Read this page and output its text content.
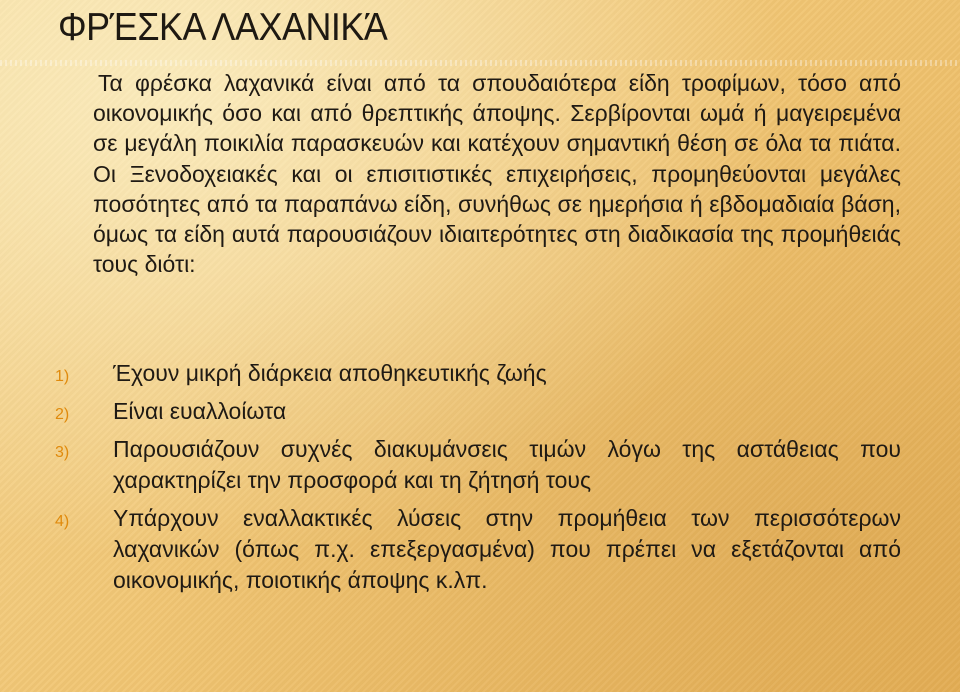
ΦΡΈΣΚΑ ΛΑΧΑΝΙΚΆ

Τα φρέσκα λαχανικά είναι από τα σπουδαιότερα είδη τροφίμων, τόσο από οικονομικής όσο και από θρεπτικής άποψης. Σερβίρονται ωμά ή μαγειρεμένα σε μεγάλη ποικιλία παρασκευών και κατέχουν σημαντική θέση σε όλα τα πιάτα. Οι Ξενοδοχειακές και οι επισιτιστικές επιχειρήσεις, προμηθεύονται μεγάλες ποσότητες από τα παραπάνω είδη, συνήθως σε ημερήσια ή εβδομαδιαία βάση, όμως τα είδη αυτά παρουσιάζουν ιδιαιτερότητες στη διαδικασία της προμήθειάς τους διότι:

1) Έχουν μικρή διάρκεια αποθηκευτικής ζωής
2) Είναι ευαλλοίωτα
3) Παρουσιάζουν συχνές διακυμάνσεις τιμών λόγω της αστάθειας που χαρακτηρίζει την προσφορά και τη ζήτησή τους
4) Υπάρχουν εναλλακτικές λύσεις στην προμήθεια των περισσότερων λαχανικών (όπως π.χ. επεξεργασμένα) που πρέπει να εξετάζονται από οικονομικής, ποιοτικής άποψης κ.λπ.
